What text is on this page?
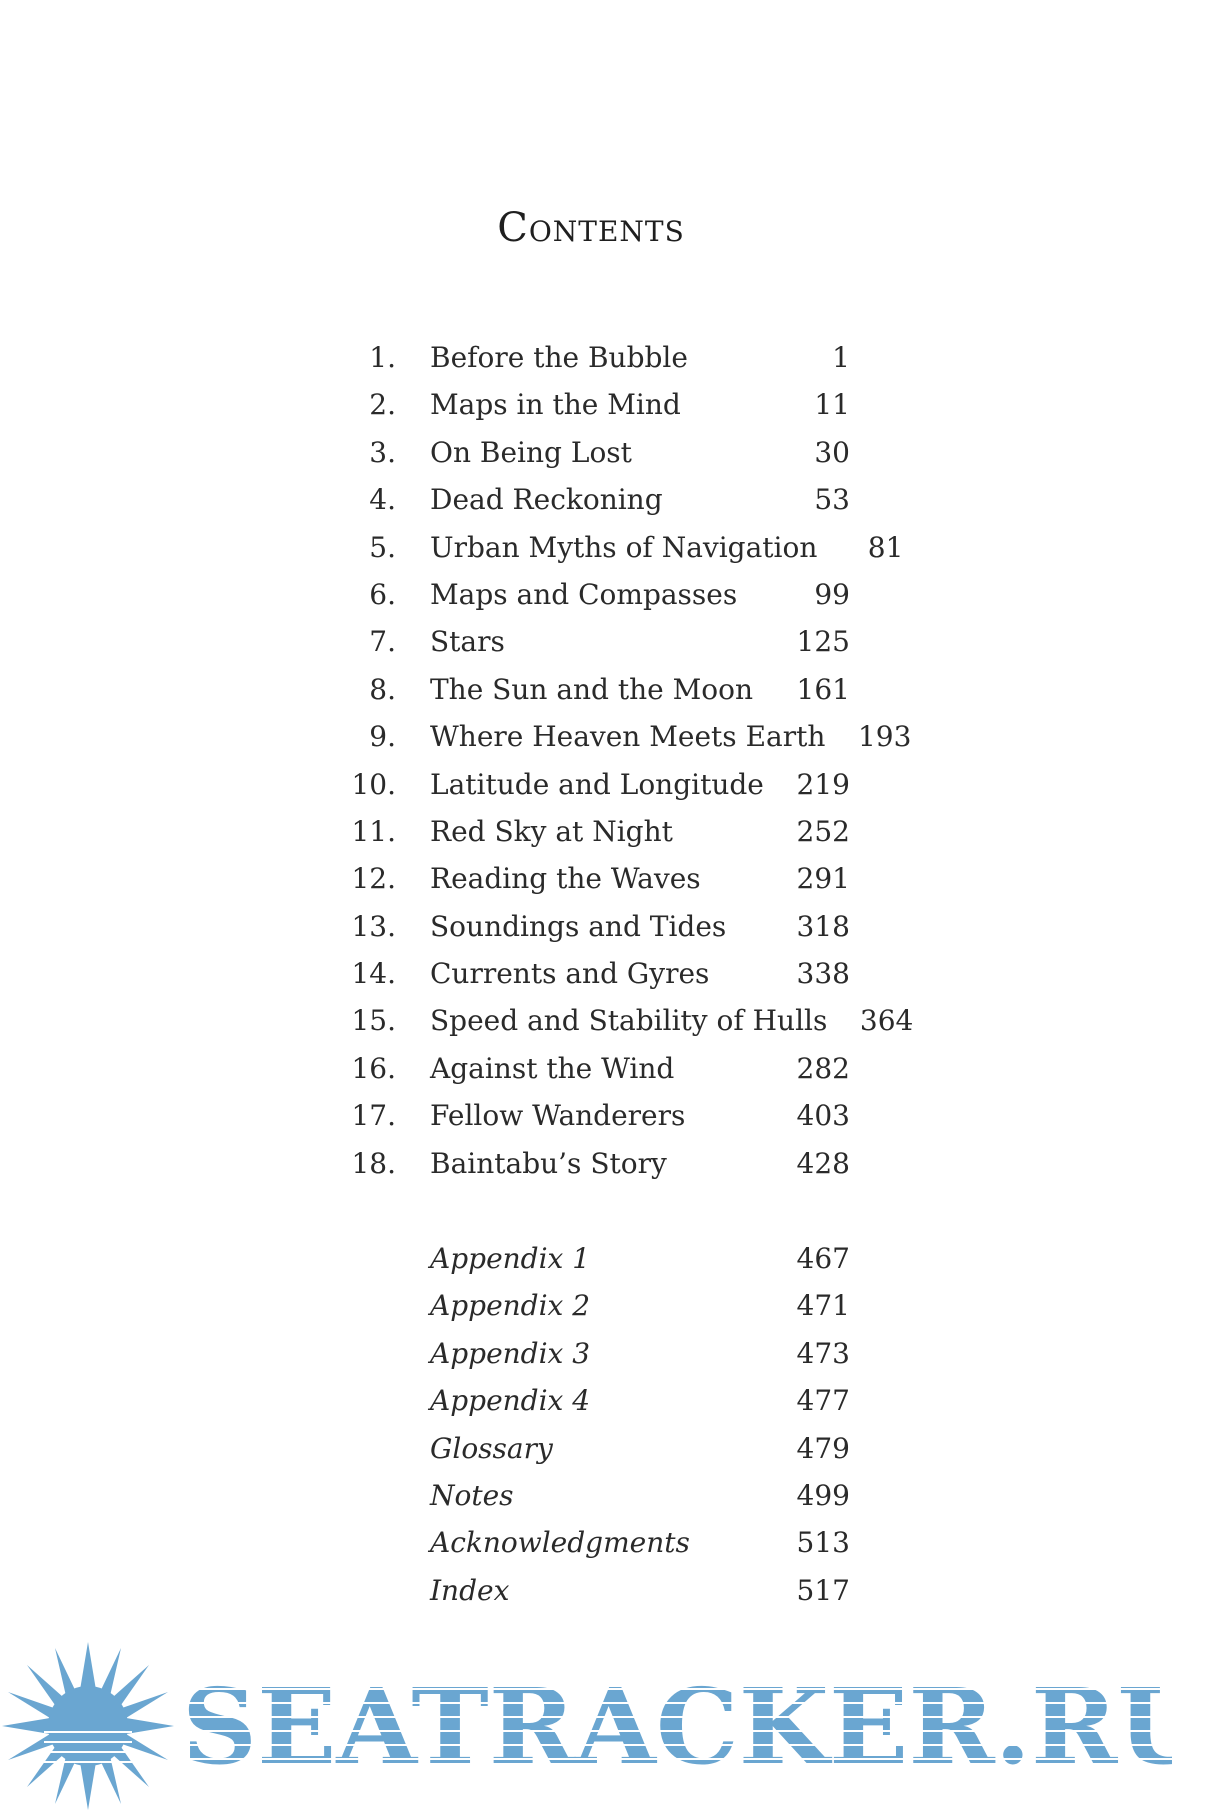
Contents
1.	Before the Bubble	1
2.	Maps in the Mind	11
3.	On Being Lost	30
4.	Dead Reckoning	53
5.	Urban Myths of Navigation	81
6.	Maps and Compasses	99
7.	Stars	125
8.	The Sun and the Moon	161
9.	Where Heaven Meets Earth	193
10.	Latitude and Longitude	219
11.	Red Sky at Night	252
12.	Reading the Waves	291
13.	Soundings and Tides	318
14.	Currents and Gyres	338
15.	Speed and Stability of Hulls	364
16.	Against the Wind	282
17.	Fellow Wanderers	403
18.	Baintabu’s Story	428
Appendix 1	467
Appendix 2	471
Appendix 3	473
Appendix 4	477
Glossary	479
Notes	499
Acknowledgments	513
Index	517
SEATRACKER.RU
